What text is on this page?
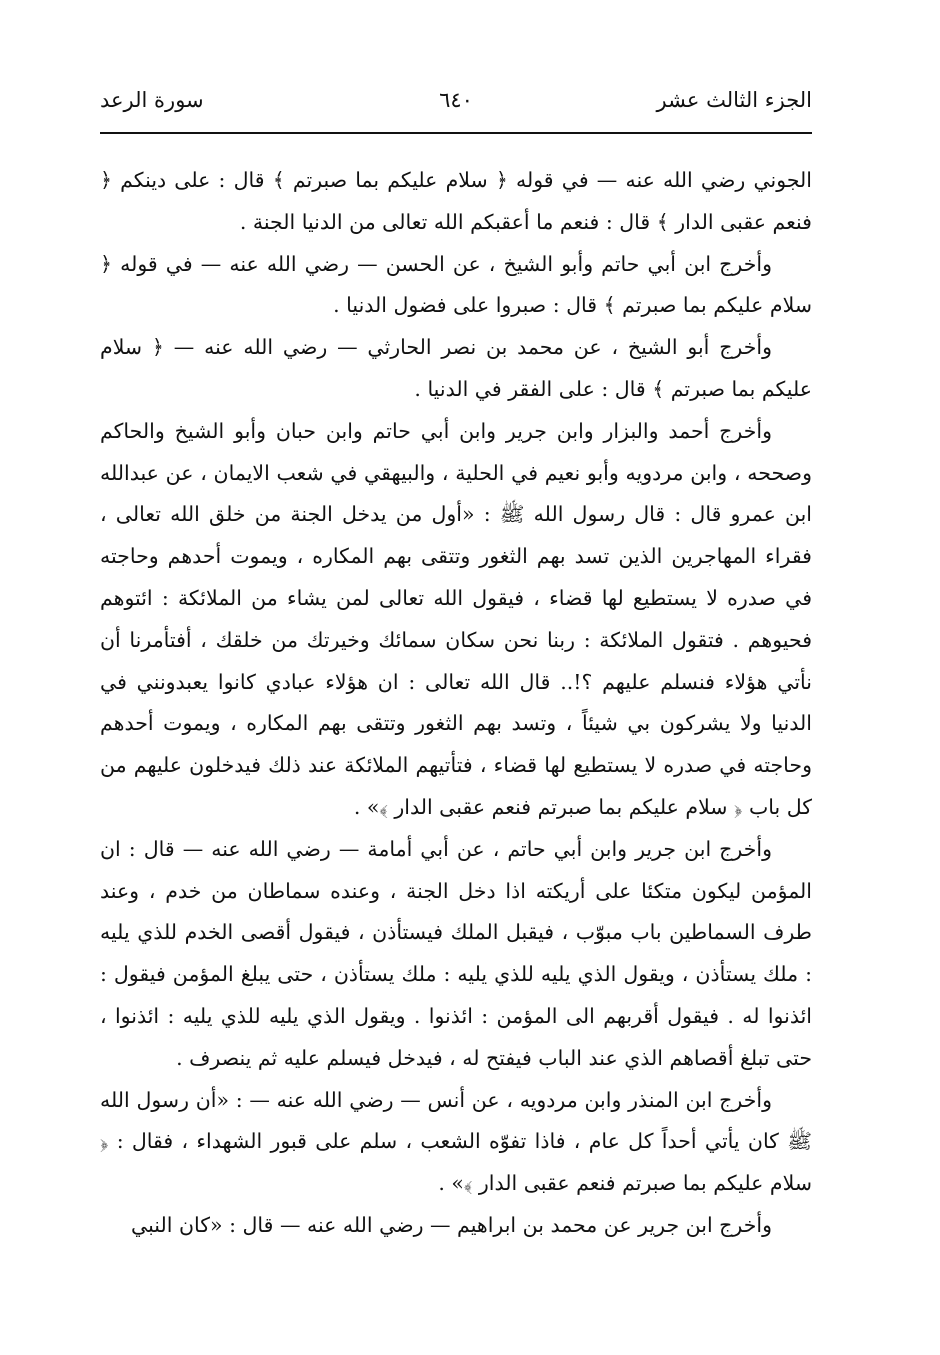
الجزء الثالث عشر
٦٤٠
سورة الرعد

الجوني رضي الله عنه — في قوله ﴿ سلام عليكم بما صبرتم ﴾ قال : على دينكم ﴿ فنعم عقبى الدار ﴾ قال : فنعم ما أعقبكم الله تعالى من الدنيا الجنة .

وأخرج ابن أبي حاتم وأبو الشيخ ، عن الحسن — رضي الله عنه — في قوله ﴿ سلام عليكم بما صبرتم ﴾ قال : صبروا على فضول الدنيا .

وأخرج أبو الشيخ ، عن محمد بن نصر الحارثي — رضي الله عنه — ﴿ سلام عليكم بما صبرتم ﴾ قال : على الفقر في الدنيا .

وأخرج أحمد والبزار وابن جرير وابن أبي حاتم وابن حبان وأبو الشيخ والحاكم وصححه ، وابن مردويه وأبو نعيم في الحلية ، والبيهقي في شعب الايمان ، عن عبدالله ابن عمرو قال : قال رسول الله ﷺ : «أول من يدخل الجنة من خلق الله تعالى ، فقراء المهاجرين الذين تسد بهم الثغور وتتقى بهم المكاره ، ويموت أحدهم وحاجته في صدره لا يستطيع لها قضاء ، فيقول الله تعالى لمن يشاء من الملائكة : ائتوهم فحيوهم . فتقول الملائكة : ربنا نحن سكان سمائك وخيرتك من خلقك ، أفتأمرنا أن نأتي هؤلاء فنسلم عليهم ؟!.. قال الله تعالى : ان هؤلاء عبادي كانوا يعبدونني في الدنيا ولا يشركون بي شيئاً ، وتسد بهم الثغور وتتقى بهم المكاره ، ويموت أحدهم وحاجته في صدره لا يستطيع لها قضاء ، فتأتيهم الملائكة عند ذلك فيدخلون عليهم من كل باب ﴿ سلام عليكم بما صبرتم فنعم عقبى الدار ﴾» .

وأخرج ابن جرير وابن أبي حاتم ، عن أبي أمامة — رضي الله عنه — قال : ان المؤمن ليكون متكئا على أريكته اذا دخل الجنة ، وعنده سماطان من خدم ، وعند طرف السماطين باب مبوّب ، فيقبل الملك فيستأذن ، فيقول أقصى الخدم للذي يليه : ملك يستأذن ، ويقول الذي يليه للذي يليه : ملك يستأذن ، حتى يبلغ المؤمن فيقول : ائذنوا له . فيقول أقربهم الى المؤمن : ائذنوا . ويقول الذي يليه للذي يليه : ائذنوا ، حتى تبلغ أقصاهم الذي عند الباب فيفتح له ، فيدخل فيسلم عليه ثم ينصرف .

وأخرج ابن المنذر وابن مردويه ، عن أنس — رضي الله عنه — : «أن رسول الله ﷺ كان يأتي أحداً كل عام ، فاذا تفوّه الشعب ، سلم على قبور الشهداء ، فقال : ﴿ سلام عليكم بما صبرتم فنعم عقبى الدار ﴾» .

وأخرج ابن جرير عن محمد بن ابراهيم — رضي الله عنه — قال : «كان النبي
